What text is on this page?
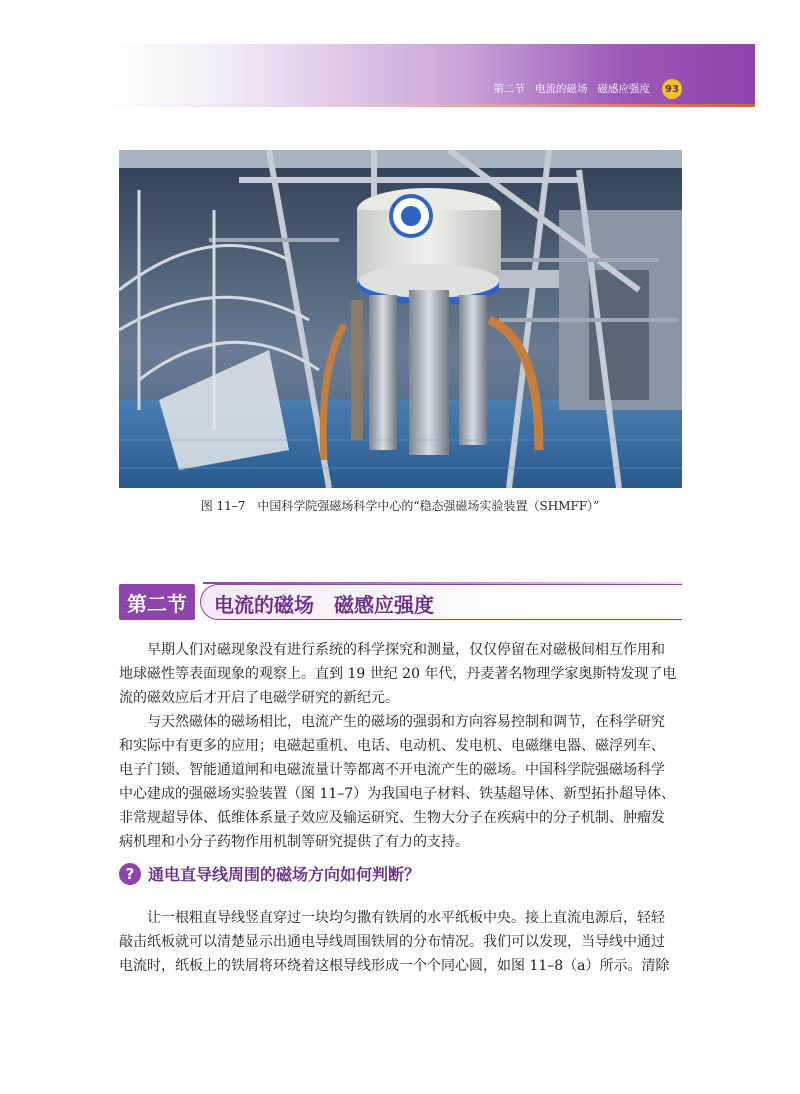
第二节 电流的磁场 磁感应强度	93
图 11–7　中国科学院强磁场科学中心的“稳态强磁场实验装置（SHMFF）”
第二节	电流的磁场　磁感应强度
早期人们对磁现象没有进行系统的科学探究和测量，仅仅停留在对磁极间相互作用和
地球磁性等表面现象的观察上。直到 19 世纪 20 年代，丹麦著名物理学家奥斯特发现了电
流的磁效应后才开启了电磁学研究的新纪元。
与天然磁体的磁场相比，电流产生的磁场的强弱和方向容易控制和调节，在科学研究
和实际中有更多的应用；电磁起重机、电话、电动机、发电机、电磁继电器、磁浮列车、
电子门锁、智能通道闸和电磁流量计等都离不开电流产生的磁场。中国科学院强磁场科学
中心建成的强磁场实验装置（图 11–7）为我国电子材料、铁基超导体、新型拓扑超导体、
非常规超导体、低维体系量子效应及输运研究、生物大分子在疾病中的分子机制、肿瘤发
病机理和小分子药物作用机制等研究提供了有力的支持。
? 通电直导线周围的磁场方向如何判断？
让一根粗直导线竖直穿过一块均匀撒有铁屑的水平纸板中央。接上直流电源后，轻轻
敲击纸板就可以清楚显示出通电导线周围铁屑的分布情况。我们可以发现，当导线中通过
电流时，纸板上的铁屑将环绕着这根导线形成一个个同心圆，如图 11–8（a）所示。清除
